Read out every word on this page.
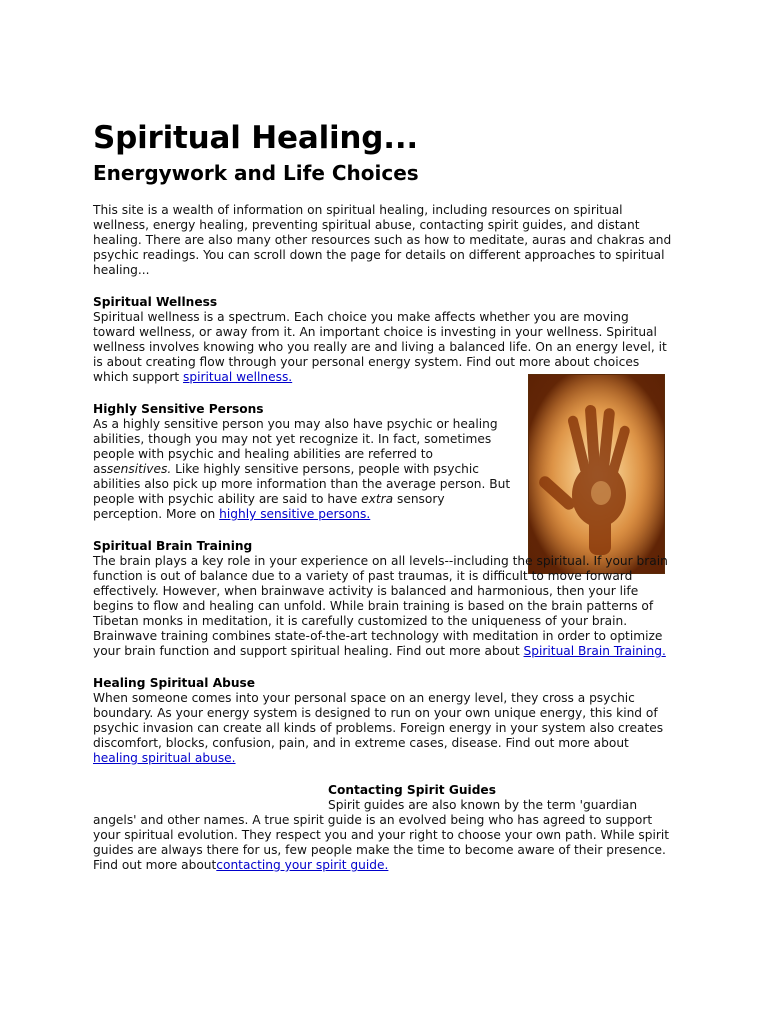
Spiritual Healing...
Energywork and Life Choices

This site is a wealth of information on spiritual healing, including resources on spiritual wellness, energy healing, preventing spiritual abuse, contacting spirit guides, and distant healing. There are also many other resources such as how to meditate, auras and chakras and psychic readings. You can scroll down the page for details on different approaches to spiritual healing...

Spiritual Wellness

Spiritual wellness is a spectrum. Each choice you make affects whether you are moving toward wellness, or away from it. An important choice is investing in your wellness. Spiritual wellness involves knowing who you really are and living a balanced life. On an energy level, it is about creating flow through your personal energy system. Find out more about choices which support spiritual wellness.

Highly Sensitive Persons

As a highly sensitive person you may also have psychic or healing abilities, though you may not yet recognize it. In fact, sometimes people with psychic and healing abilities are referred to assensitives. Like highly sensitive persons, people with psychic abilities also pick up more information than the average person. But people with psychic ability are said to have extra sensory perception. More on highly sensitive persons.

Spiritual Brain Training

The brain plays a key role in your experience on all levels--including the spiritual. If your brain function is out of balance due to a variety of past traumas, it is difficult to move forward effectively. However, when brainwave activity is balanced and harmonious, then your life begins to flow and healing can unfold. While brain training is based on the brain patterns of Tibetan monks in meditation, it is carefully customized to the uniqueness of your brain. Brainwave training combines state-of-the-art technology with meditation in order to optimize your brain function and support spiritual healing. Find out more about Spiritual Brain Training.

Healing Spiritual Abuse

When someone comes into your personal space on an energy level, they cross a psychic boundary. As your energy system is designed to run on your own unique energy, this kind of psychic invasion can create all kinds of problems. Foreign energy in your system also creates discomfort, blocks, confusion, pain, and in extreme cases, disease. Find out more about healing spiritual abuse.

Contacting Spirit Guides

Spirit guides are also known by the term 'guardian angels' and other names. A true spirit guide is an evolved being who has agreed to support your spiritual evolution. They respect you and your right to choose your own path. While spirit guides are always there for us, few people make the time to become aware of their presence. Find out more aboutcontacting your spirit guide.
